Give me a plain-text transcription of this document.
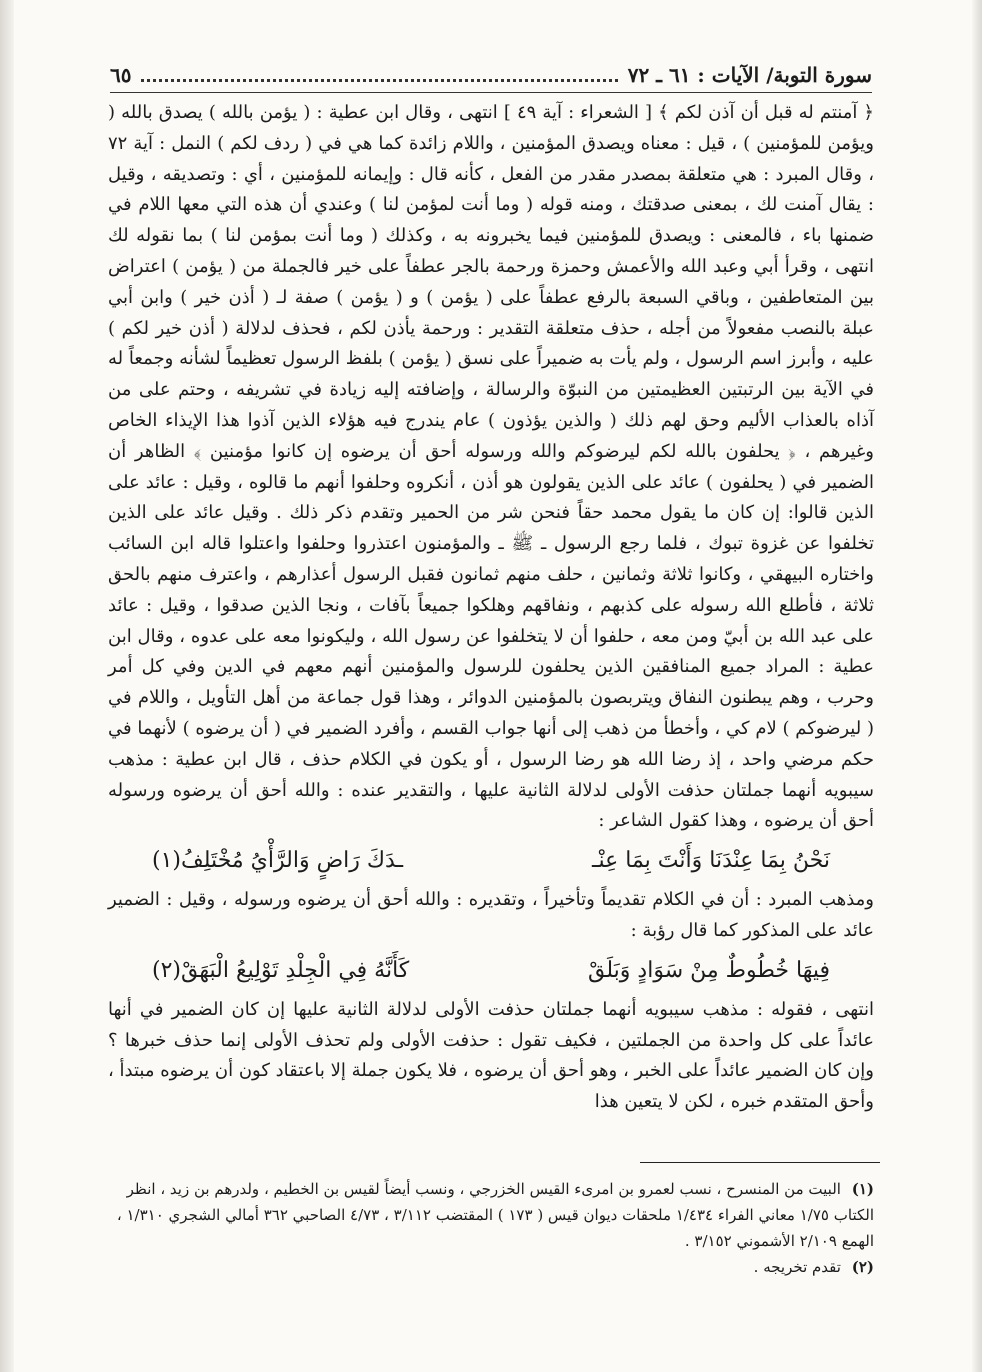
سورة التوبة/ الآيات : ٦١ ـ ٧٢
٦٥

﴿ آمنتم له قبل أن آذن لكم ﴾ [ الشعراء : آية ٤٩ ] انتهى ، وقال ابن عطية : ( يؤمن بالله ) يصدق بالله ( ويؤمن للمؤمنين ) ، قيل : معناه ويصدق المؤمنين ، واللام زائدة كما هي في ( ردف لكم ) النمل : آية ٧٢ ، وقال المبرد : هي متعلقة بمصدر مقدر من الفعل ، كأنه قال : وإيمانه للمؤمنين ، أي : وتصديقه ، وقيل : يقال آمنت لك ، بمعنى صدقتك ، ومنه قوله ( وما أنت لمؤمن لنا ) وعندي أن هذه التي معها اللام في ضمنها باء ، فالمعنى : ويصدق للمؤمنين فيما يخبرونه به ، وكذلك ( وما أنت بمؤمن لنا ) بما نقوله لك انتهى ، وقرأ أبي وعبد الله والأعمش وحمزة ورحمة بالجر عطفاً على خير فالجملة من ( يؤمن ) اعتراض بين المتعاطفين ، وباقي السبعة بالرفع عطفاً على ( يؤمن ) و ( يؤمن ) صفة لـ ( أذن خير ) وابن أبي عبلة بالنصب مفعولاً من أجله ، حذف متعلقة التقدير : ورحمة يأذن لكم ، فحذف لدلالة ( أذن خير لكم ) عليه ، وأبرز اسم الرسول ، ولم يأت به ضميراً على نسق ( يؤمن ) بلفظ الرسول تعظيماً لشأنه وجمعاً له في الآية بين الرتبتين العظيمتين من النبوّة والرسالة ، وإضافته إليه زيادة في تشريفه ، وحتم على من آذاه بالعذاب الأليم وحق لهم ذلك ( والذين يؤذون ) عام يندرج فيه هؤلاء الذين آذوا هذا الإيذاء الخاص وغيرهم ، ﴿ يحلفون بالله لكم ليرضوكم والله ورسوله أحق أن يرضوه إن كانوا مؤمنين ﴾ الظاهر أن الضمير في ( يحلفون ) عائد على الذين يقولون هو أذن ، أنكروه وحلفوا أنهم ما قالوه ، وقيل : عائد على الذين قالوا: إن كان ما يقول محمد حقاً فنحن شر من الحمير وتقدم ذكر ذلك . وقيل عائد على الذين تخلفوا عن غزوة تبوك ، فلما رجع الرسول ـ ﷺ ـ والمؤمنون اعتذروا وحلفوا واعتلوا قاله ابن السائب واختاره البيهقي ، وكانوا ثلاثة وثمانين ، حلف منهم ثمانون فقبل الرسول أعذارهم ، واعترف منهم بالحق ثلاثة ، فأطلع الله رسوله على كذبهم ، ونفاقهم وهلكوا جميعاً بآفات ، ونجا الذين صدقوا ، وقيل : عائد على عبد الله بن أبيّ ومن معه ، حلفوا أن لا يتخلفوا عن رسول الله ، وليكونوا معه على عدوه ، وقال ابن عطية : المراد جميع المنافقين الذين يحلفون للرسول والمؤمنين أنهم معهم في الدين وفي كل أمر وحرب ، وهم يبطنون النفاق ويتربصون بالمؤمنين الدوائر ، وهذا قول جماعة من أهل التأويل ، واللام في ( ليرضوكم ) لام كي ، وأخطأ من ذهب إلى أنها جواب القسم ، وأفرد الضمير في ( أن يرضوه ) لأنهما في حكم مرضي واحد ، إذ رضا الله هو رضا الرسول ، أو يكون في الكلام حذف ، قال ابن عطية : مذهب سيبويه أنهما جملتان حذفت الأولى لدلالة الثانية عليها ، والتقدير عنده : والله أحق أن يرضوه ورسوله أحق أن يرضوه ، وهذا كقول الشاعر :

نَحْنُ بِمَا عِنْدَنَا وَأَنْتَ بِمَا عِنْـ
ـدَكَ رَاضٍ وَالرَّأْيُ مُخْتَلِفُ(١)

ومذهب المبرد : أن في الكلام تقديماً وتأخيراً ، وتقديره : والله أحق أن يرضوه ورسوله ، وقيل : الضمير عائد على المذكور كما قال رؤبة :

فِيهَا خُطُوطٌ مِنْ سَوَادٍ وَبَلَقْ
كَأَنَّهُ فِي الْجِلْدِ تَوْلِيعُ الْبَهَقْ(٢)

انتهى ، فقوله : مذهب سيبويه أنهما جملتان حذفت الأولى لدلالة الثانية عليها إن كان الضمير في أنها عائداً على كل واحدة من الجملتين ، فكيف تقول : حذفت الأولى ولم تحذف الأولى إنما حذف خبرها ؟ وإن كان الضمير عائداً على الخبر ، وهو أحق أن يرضوه ، فلا يكون جملة إلا باعتقاد كون أن يرضوه مبتدأ ، وأحق المتقدم خبره ، لكن لا يتعين هذا

(١) البيت من المنسرح ، نسب لعمرو بن امرىء القيس الخزرجي ، ونسب أيضاً لقيس بن الخطيم ، ولدرهم بن زيد ، انظر الكتاب ١/٧٥ معاني الفراء ١/٤٣٤ ملحقات ديوان قيس ( ١٧٣ ) المقتضب ٣/١١٢ ، ٤/٧٣ الصاحبي ٣٦٢ أمالي الشجري ١/٣١٠ ، الهمع ٢/١٠٩ الأشموني ٣/١٥٢ .

(٢) تقدم تخريجه .
